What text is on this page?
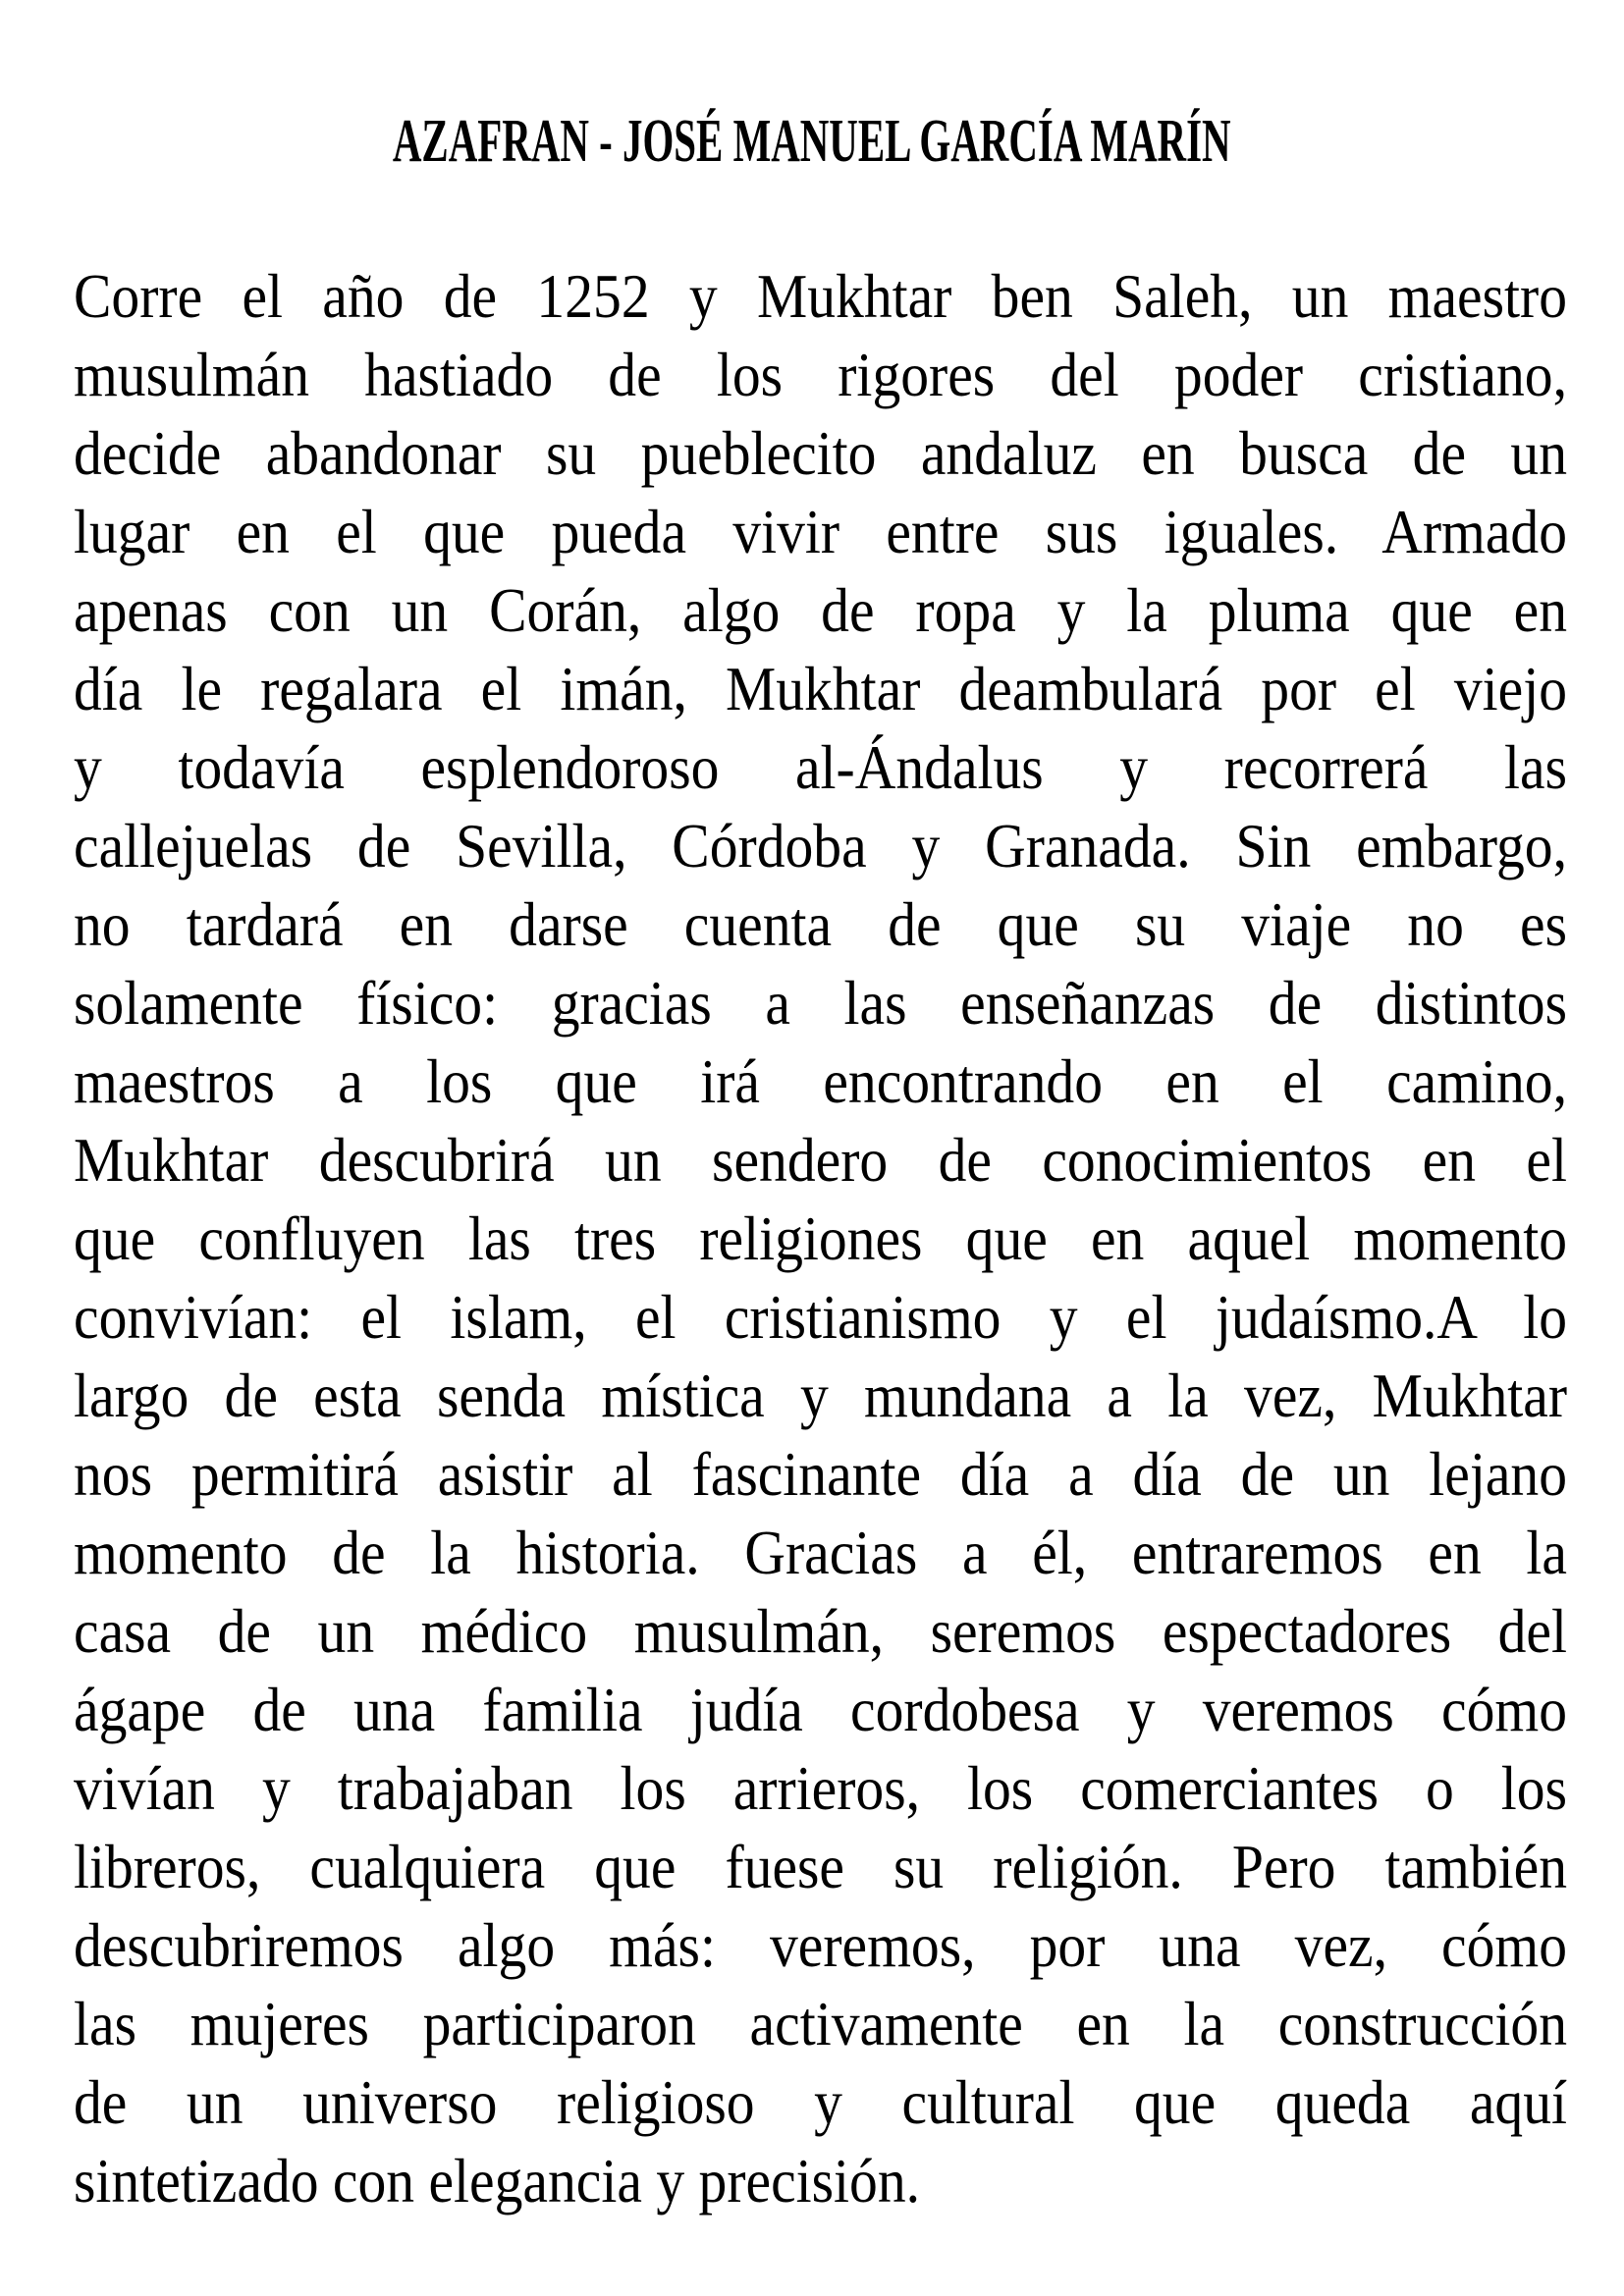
AZAFRAN - JOSÉ MANUEL GARCÍA MARÍN
Corre el año de 1252 y Mukhtar ben Saleh, un maestro
musulmán hastiado de los rigores del poder cristiano,
decide abandonar su pueblecito andaluz en busca de un
lugar en el que pueda vivir entre sus iguales. Armado
apenas con un Corán, algo de ropa y la pluma que en
día le regalara el imán, Mukhtar deambulará por el viejo
y todavía esplendoroso al-Ándalus y recorrerá las
callejuelas de Sevilla, Córdoba y Granada. Sin embargo,
no tardará en darse cuenta de que su viaje no es
solamente físico: gracias a las enseñanzas de distintos
maestros a los que irá encontrando en el camino,
Mukhtar descubrirá un sendero de conocimientos en el
que confluyen las tres religiones que en aquel momento
convivían: el islam, el cristianismo y el judaísmo.A lo
largo de esta senda mística y mundana a la vez, Mukhtar
nos permitirá asistir al fascinante día a día de un lejano
momento de la historia. Gracias a él, entraremos en la
casa de un médico musulmán, seremos espectadores del
ágape de una familia judía cordobesa y veremos cómo
vivían y trabajaban los arrieros, los comerciantes o los
libreros, cualquiera que fuese su religión. Pero también
descubriremos algo más: veremos, por una vez, cómo
las mujeres participaron activamente en la construcción
de un universo religioso y cultural que queda aquí
sintetizado con elegancia y precisión.
